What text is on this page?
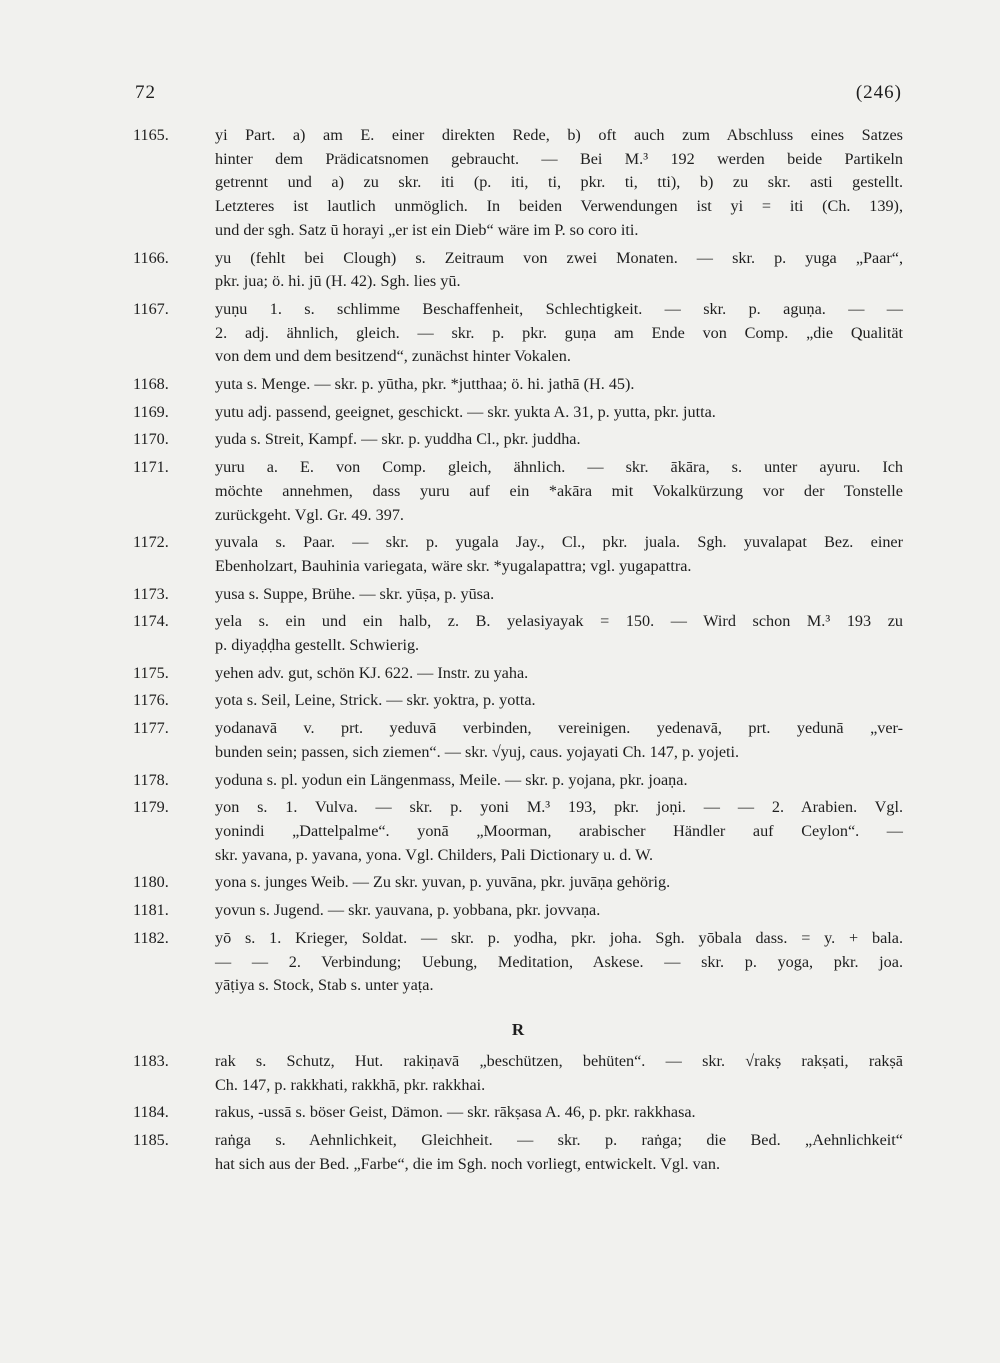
72	(246)
1165.	yi Part. a) am E. einer direkten Rede, b) oft auch zum Abschluss eines Satzes
hinter dem Prädicatsnomen gebraucht. — Bei M.³ 192 werden beide Partikeln
getrennt und a) zu skr. iti (p. iti, ti, pkr. ti, tti), b) zu skr. asti gestellt.
Letzteres ist lautlich unmöglich. In beiden Verwendungen ist yi = iti (Ch. 139),
und der sgh. Satz ū horayi „er ist ein Dieb“ wäre im P. so coro iti.
1166.	yu (fehlt bei Clough) s. Zeitraum von zwei Monaten. — skr. p. yuga „Paar“,
pkr. jua; ö. hi. jū (H. 42). Sgh. lies yū.
1167.	yuṇu 1. s. schlimme Beschaffenheit, Schlechtigkeit. — skr. p. aguṇa. — —
2. adj. ähnlich, gleich. — skr. p. pkr. guṇa am Ende von Comp. „die Qualität
von dem und dem besitzend“, zunächst hinter Vokalen.
1168.	yuta s. Menge. — skr. p. yūtha, pkr. *jutthaa; ö. hi. jathā (H. 45).
1169.	yutu adj. passend, geeignet, geschickt. — skr. yukta A. 31, p. yutta, pkr. jutta.
1170.	yuda s. Streit, Kampf. — skr. p. yuddha Cl., pkr. juddha.
1171.	yuru a. E. von Comp. gleich, ähnlich. — skr. ākāra, s. unter ayuru. Ich
möchte annehmen, dass yuru auf ein *akāra mit Vokalkürzung vor der Tonstelle
zurückgeht. Vgl. Gr. 49. 397.
1172.	yuvala s. Paar. — skr. p. yugala Jay., Cl., pkr. juala. Sgh. yuvalapat Bez. einer
Ebenholzart, Bauhinia variegata, wäre skr. *yugalapattra; vgl. yugapattra.
1173.	yusa s. Suppe, Brühe. — skr. yūṣa, p. yūsa.
1174.	yela s. ein und ein halb, z. B. yelasiyayak = 150. — Wird schon M.³ 193 zu
p. diyaḍḍha gestellt. Schwierig.
1175.	yehen adv. gut, schön KJ. 622. — Instr. zu yaha.
1176.	yota s. Seil, Leine, Strick. — skr. yoktra, p. yotta.
1177.	yodanavā v. prt. yeduvā verbinden, vereinigen. yedenavā, prt. yedunā „ver-
bunden sein; passen, sich ziemen“. — skr. √yuj, caus. yojayati Ch. 147, p. yojeti.
1178.	yoduna s. pl. yodun ein Längenmass, Meile. — skr. p. yojana, pkr. joaṇa.
1179.	yon s. 1. Vulva. — skr. p. yoni M.³ 193, pkr. joṇi. — — 2. Arabien. Vgl.
yonindi „Dattelpalme“. yonā „Moorman, arabischer Händler auf Ceylon“. —
skr. yavana, p. yavana, yona. Vgl. Childers, Pali Dictionary u. d. W.
1180.	yona s. junges Weib. — Zu skr. yuvan, p. yuvāna, pkr. juvāṇa gehörig.
1181.	yovun s. Jugend. — skr. yauvana, p. yobbana, pkr. jovvaṇa.
1182.	yō s. 1. Krieger, Soldat. — skr. p. yodha, pkr. joha. Sgh. yōbala dass. = y. + bala.
— — 2. Verbindung; Uebung, Meditation, Askese. — skr. p. yoga, pkr. joa.
yāṭiya s. Stock, Stab s. unter yaṭa.
R
1183.	rak s. Schutz, Hut. rakiṇavā „beschützen, behüten“. — skr. √rakṣ rakṣati, rakṣā
Ch. 147, p. rakkhati, rakkhā, pkr. rakkhai.
1184.	rakus, -ussā s. böser Geist, Dämon. — skr. rākṣasa A. 46, p. pkr. rakkhasa.
1185.	raṅga s. Aehnlichkeit, Gleichheit. — skr. p. raṅga; die Bed. „Aehnlichkeit“
hat sich aus der Bed. „Farbe“, die im Sgh. noch vorliegt, entwickelt. Vgl. van.
